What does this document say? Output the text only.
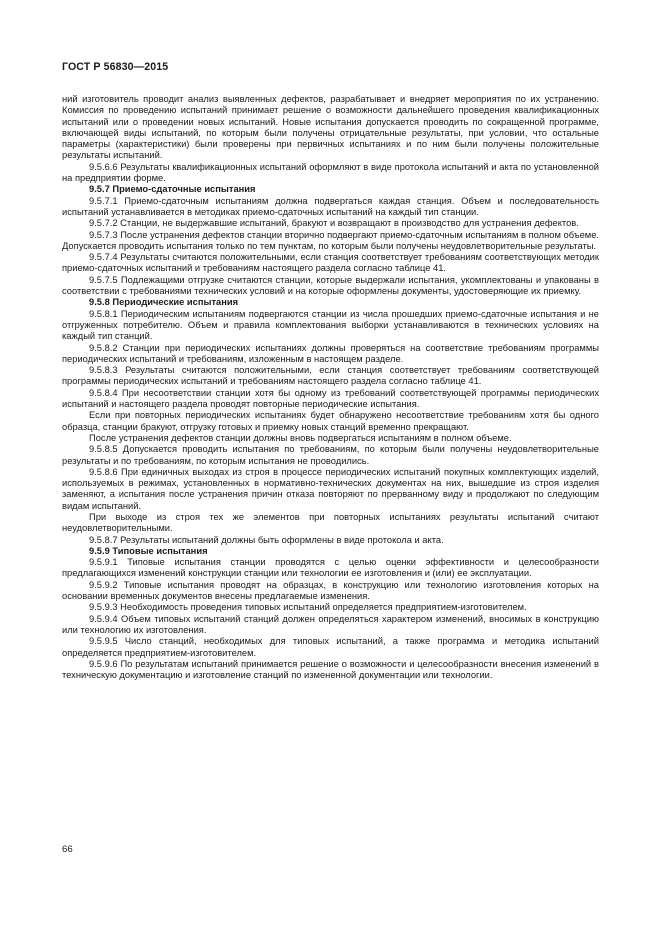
ГОСТ Р 56830—2015

ний изготовитель проводит анализ выявленных дефектов, разрабатывает и внедряет мероприятия по их устранению. Комиссия по проведению испытаний принимает решение о возможности дальнейшего проведения квалификационных испытаний или о проведении новых испытаний. Новые испытания допускается проводить по сокращенной программе, включающей виды испытаний, по которым были получены отрицательные результаты, при условии, что остальные параметры (характеристики) были проверены при первичных испытаниях и по ним были получены положительные результаты испытаний.

9.5.6.6 Результаты квалификационных испытаний оформляют в виде протокола испытаний и акта по установленной на предприятии форме.

9.5.7 Приемо-сдаточные испытания

9.5.7.1 Приемо-сдаточным испытаниям должна подвергаться каждая станция. Объем и последовательность испытаний устанавливается в методиках приемо-сдаточных испытаний на каждый тип станции.

9.5.7.2 Станции, не выдержавшие испытаний, бракуют и возвращают в производство для устранения дефектов.

9.5.7.3 После устранения дефектов станции вторично подвергают приемо-сдаточным испытаниям в полном объеме. Допускается проводить испытания только по тем пунктам, по которым были получены неудовлетворительные результаты.

9.5.7.4 Результаты считаются положительными, если станция соответствует требованиям соответствующих методик приемо-сдаточных испытаний и требованиям настоящего раздела согласно таблице 41.

9.5.7.5 Подлежащими отгрузке считаются станции, которые выдержали испытания, укомплектованы и упакованы в соответствии с требованиями технических условий и на которые оформлены документы, удостоверяющие их приемку.

9.5.8 Периодические испытания

9.5.8.1 Периодическим испытаниям подвергаются станции из числа прошедших приемо-сдаточные испытания и не отгруженных потребителю. Объем и правила комплектования выборки устанавливаются в технических условиях на каждый тип станций.

9.5.8.2 Станции при периодических испытаниях должны проверяться на соответствие требованиям программы периодических испытаний и требованиям, изложенным в настоящем разделе.

9.5.8.3 Результаты считаются положительными, если станция соответствует требованиям соответствующей программы периодических испытаний и требованиям настоящего раздела согласно таблице 41.

9.5.8.4 При несоответствии станции хотя бы одному из требований соответствующей программы периодических испытаний и настоящего раздела проводят повторные периодические испытания.

Если при повторных периодических испытаниях будет обнаружено несоответствие требованиям хотя бы одного образца, станции бракуют, отгрузку готовых и приемку новых станций временно прекращают.

После устранения дефектов станции должны вновь подвергаться испытаниям в полном объеме.

9.5.8.5 Допускается проводить испытания по требованиям, по которым были получены неудовлетворительные результаты и по требованиям, по которым испытания не проводились.

9.5.8.6 При единичных выходах из строя в процессе периодических испытаний покупных комплектующих изделий, используемых в режимах, установленных в нормативно-технических документах на них, вышедшие из строя изделия заменяют, а испытания после устранения причин отказа повторяют по прерванному виду и продолжают по следующим видам испытаний.

При выходе из строя тех же элементов при повторных испытаниях результаты испытаний считают неудовлетворительными.

9.5.8.7 Результаты испытаний должны быть оформлены в виде протокола и акта.

9.5.9 Типовые испытания

9.5.9.1 Типовые испытания станции проводятся с целью оценки эффективности и целесообразности предлагающихся изменений конструкции станции или технологии ее изготовления и (или) ее эксплуатации.

9.5.9.2 Типовые испытания проводят на образцах, в конструкцию или технологию изготовления которых на основании временных документов внесены предлагаемые изменения.

9.5.9.3 Необходимость проведения типовых испытаний определяется предприятием-изготовителем.

9.5.9.4 Объем типовых испытаний станций должен определяться характером изменений, вносимых в конструкцию или технологию их изготовления.

9.5.9.5 Число станций, необходимых для типовых испытаний, а также программа и методика испытаний определяется предприятием-изготовителем.

9.5.9.6 По результатам испытаний принимается решение о возможности и целесообразности внесения изменений в техническую документацию и изготовление станций по измененной документации или технологии.

66
